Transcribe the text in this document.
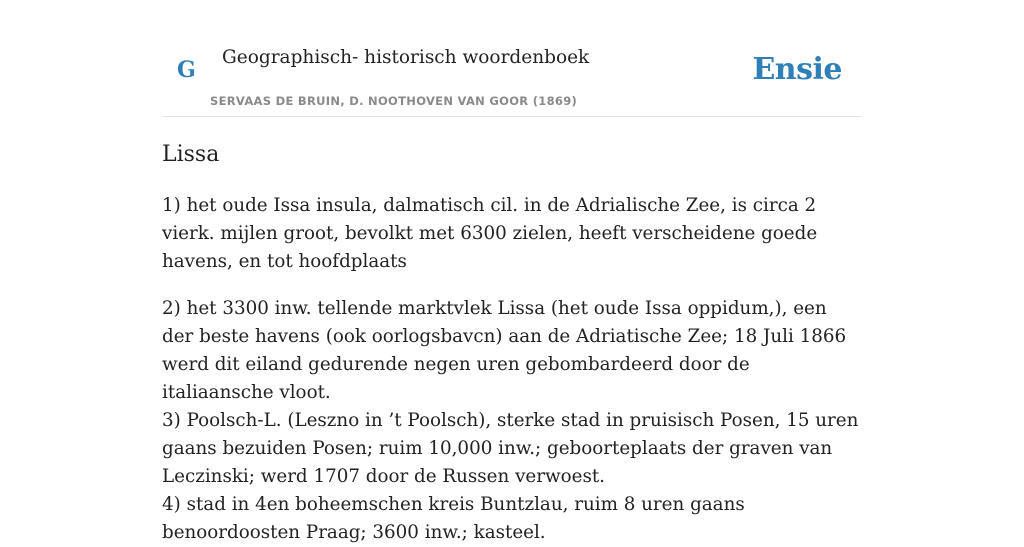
G Geographisch- historisch woordenboek
SERVAAS DE BRUIN, D. NOOTHOVEN VAN GOOR (1869)
Ensie
Lissa

1) het oude Issa insula, dalmatisch cil. in de Adrialische Zee, is circa 2 vierk. mijlen groot, bevolkt met 6300 zielen, heeft verscheidene goede havens, en tot hoofdplaats

2) het 3300 inw. tellende marktvlek Lissa (het oude Issa oppidum,), een der beste havens (ook oorlogsbavcn) aan de Adriatische Zee; 18 Juli 1866 werd dit eiland gedurende negen uren gebombardeerd door de italiaansche vloot.

3) Poolsch-L. (Leszno in ’t Poolsch), sterke stad in pruisisch Posen, 15 uren gaans bezuiden Posen; ruim 10,000 inw.; geboorteplaats der graven van Leczinski; werd 1707 door de Russen verwoest.

4) stad in 4en boheemschen kreis Buntzlau, ruim 8 uren gaans benoordoosten Praag; 3600 inw.; kasteel.
